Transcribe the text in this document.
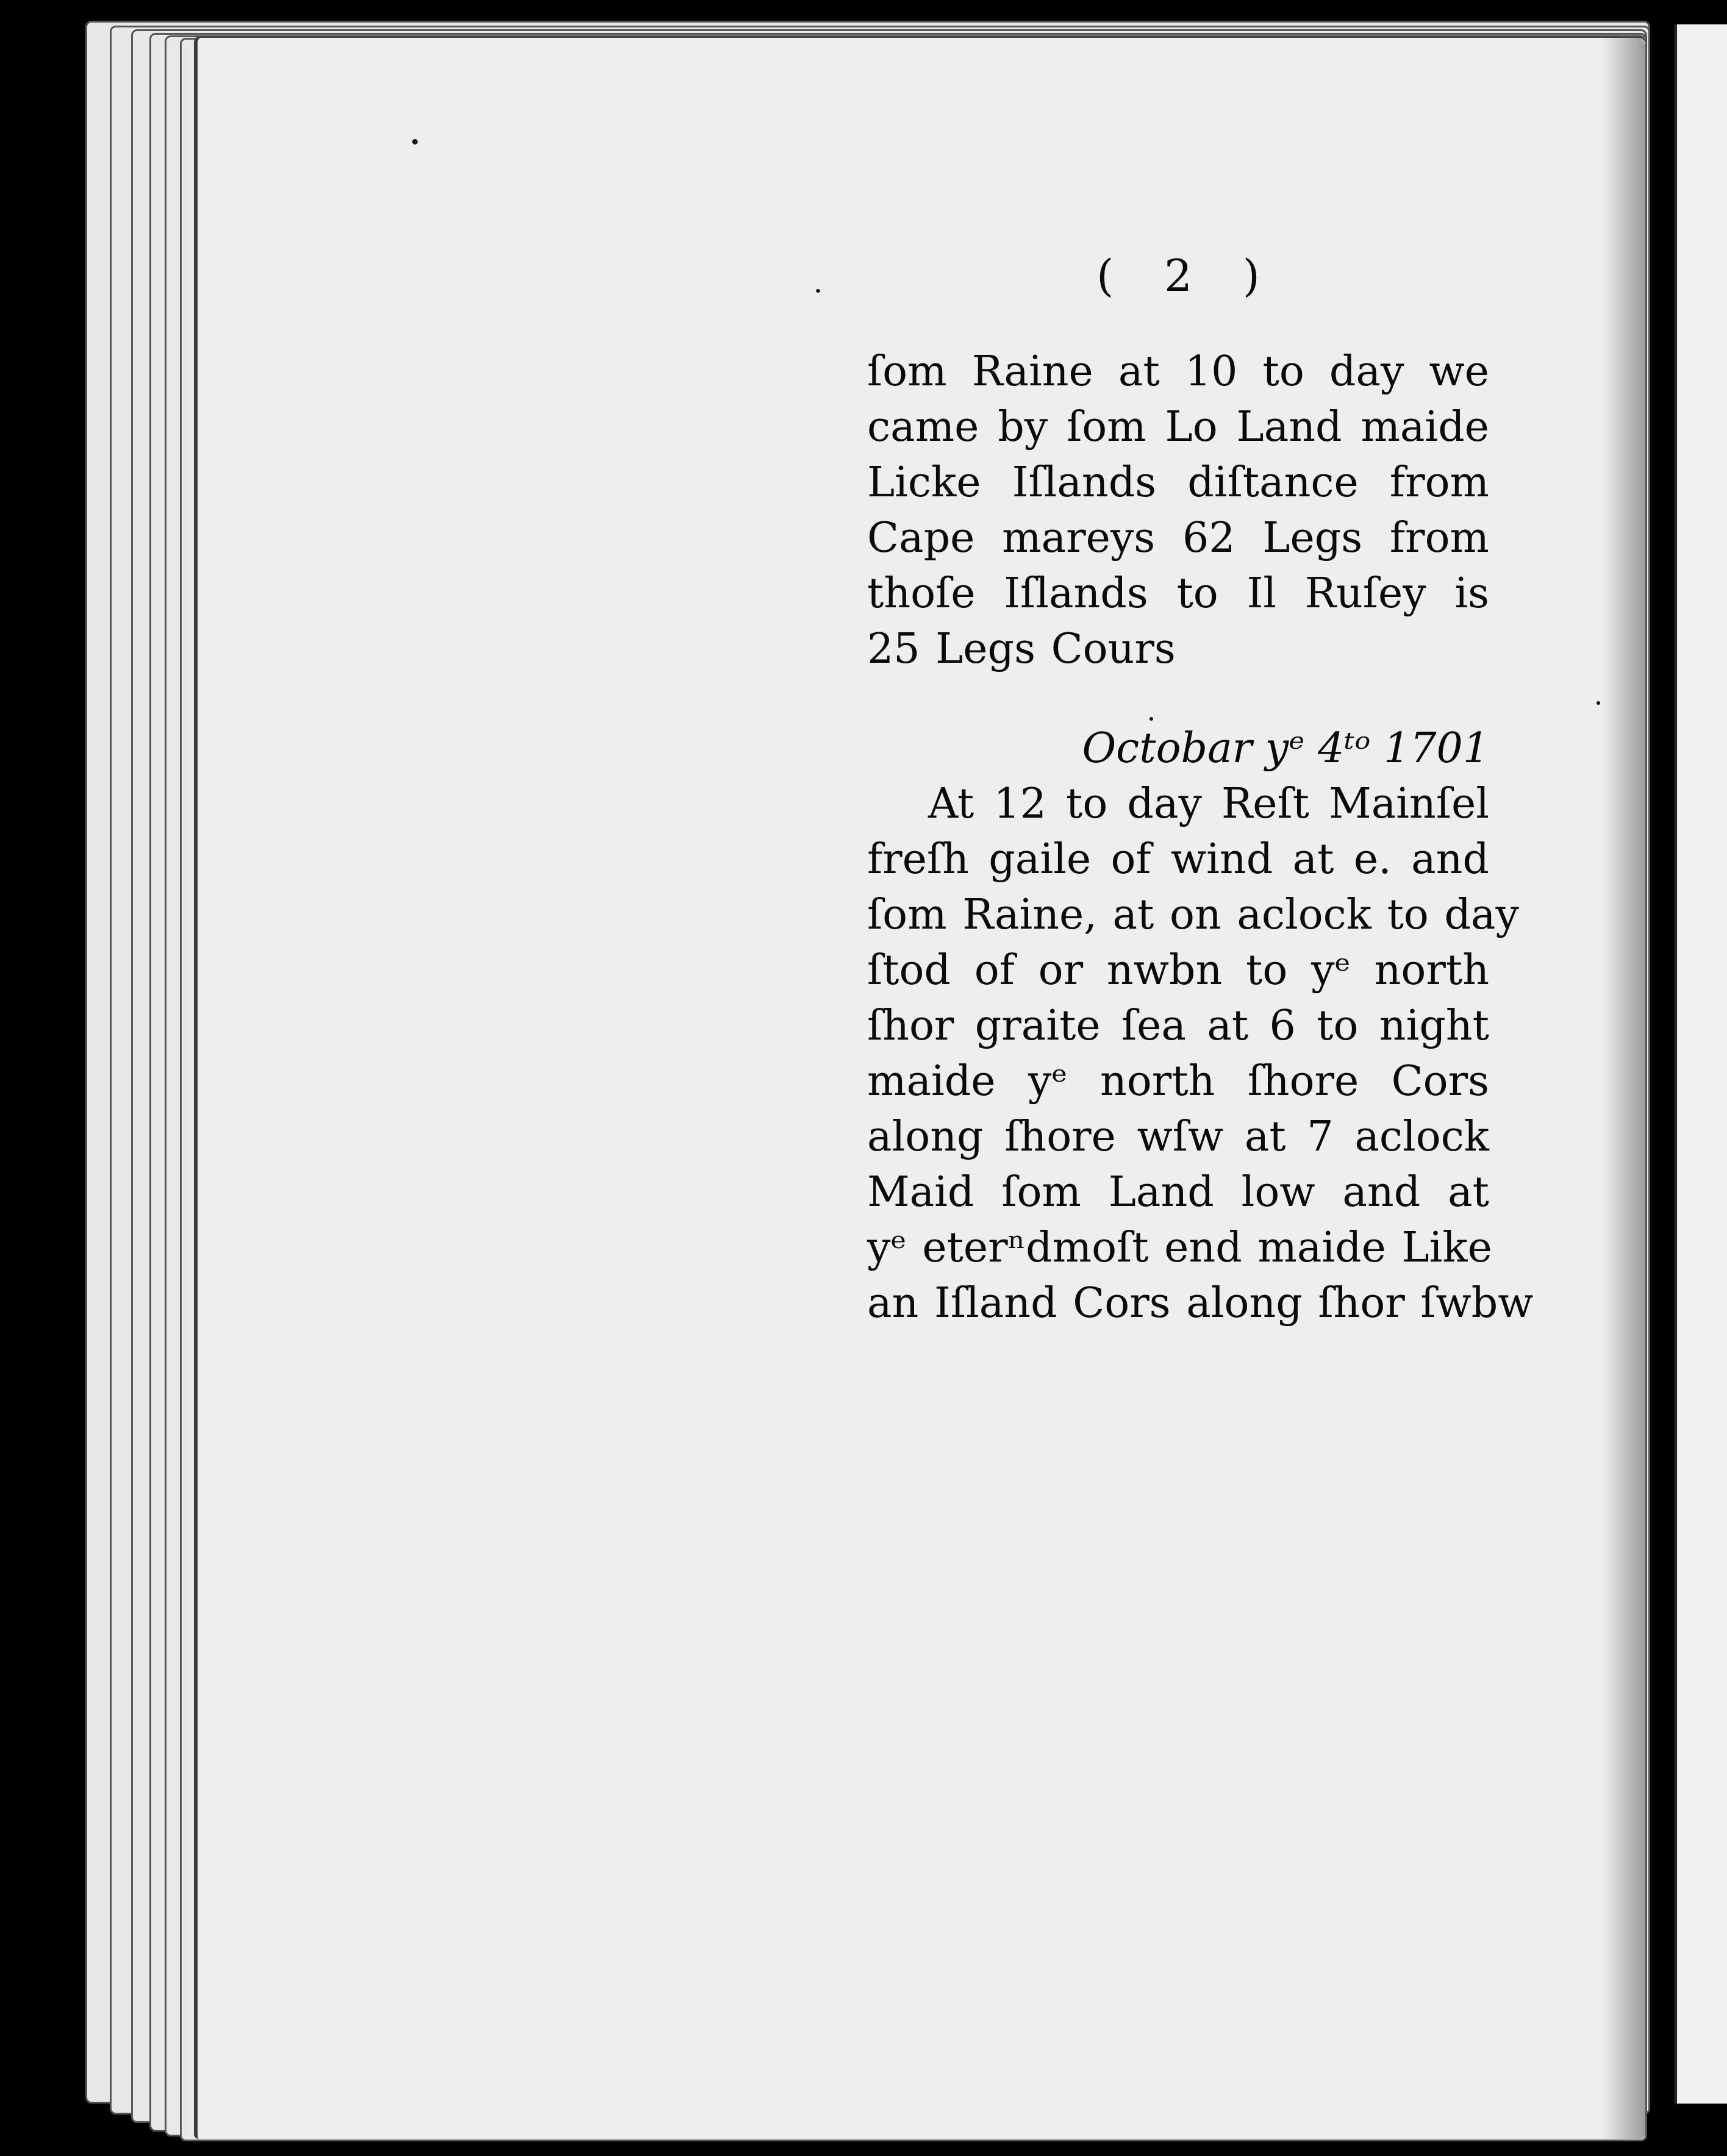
( 2 )
ſom Raine at 10 to day we
came by ſom Lo Land maide
Licke Iſlands diſtance from
Cape mareys 62 Legs from
thoſe Iſlands to Il Ruſey is
25 Legs Cours
Octobar yᵉ 4ᵗᵒ 1701
At 12 to day Reſt Mainſel
freſh gaile of wind at e. and
ſom Raine, at on aclock to day
ſtod of or nwbn to yᵉ north
ſhor graite ſea at 6 to night
maide yᵉ north ſhore Cors
along ſhore wſw at 7 aclock
Maid ſom Land low and at
yᵉ eterⁿdmoſt end maide Like
an Iſland Cors along ſhor ſwbw
